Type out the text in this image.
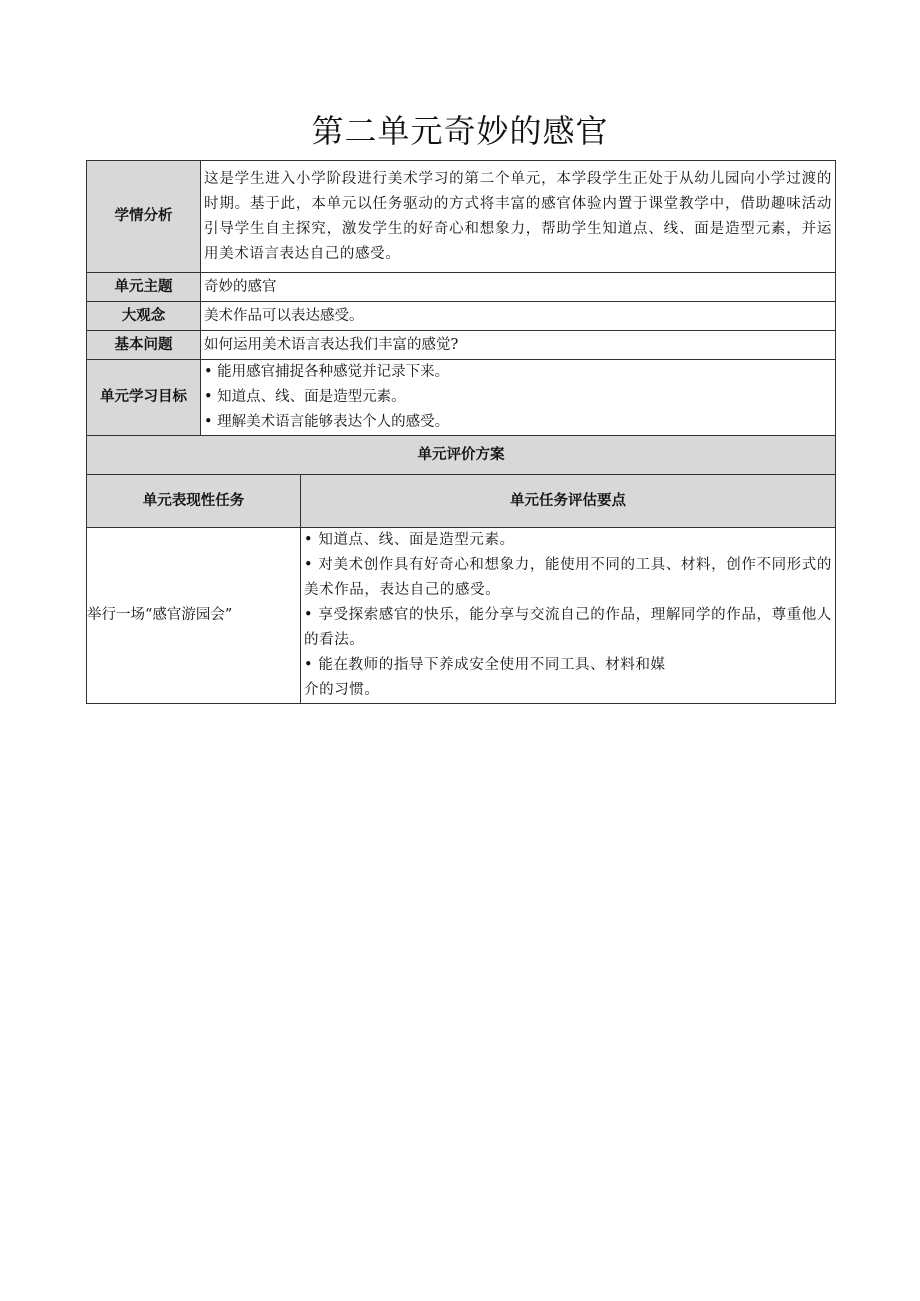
第二单元奇妙的感官
学情分析	这是学生进入小学阶段进行美术学习的第二个单元，本学段学生正处于从幼儿园向小学过渡的时期。基于此，本单元以任务驱动的方式将丰富的感官体验内置于课堂教学中，借助趣味活动引导学生自主探究，激发学生的好奇心和想象力，帮助学生知道点、线、面是造型元素，并运用美术语言表达自己的感受。	
单元主题	奇妙的感官	
大观念	美术作品可以表达感受。	
基本问题	如何运用美术语言表达我们丰富的感觉?	
单元学习目标	• 能用感官捕捉各种感觉并记录下来。
• 知道点、线、面是造型元素。
• 理解美术语言能够表达个人的感受。	

单元评价方案		
单元表现性任务		单元任务评估要点
举行一场“感官游园会”		• 知道点、线、面是造型元素。
• 对美术创作具有好奇心和想象力，能使用不同的工具、材料，创作不同形式的美术作品，表达自己的感受。
• 享受探索感官的快乐，能分享与交流自己的作品，理解同学的作品，尊重他人的看法。
• 能在教师的指导下养成安全使用不同工具、材料和媒
介的习惯。
